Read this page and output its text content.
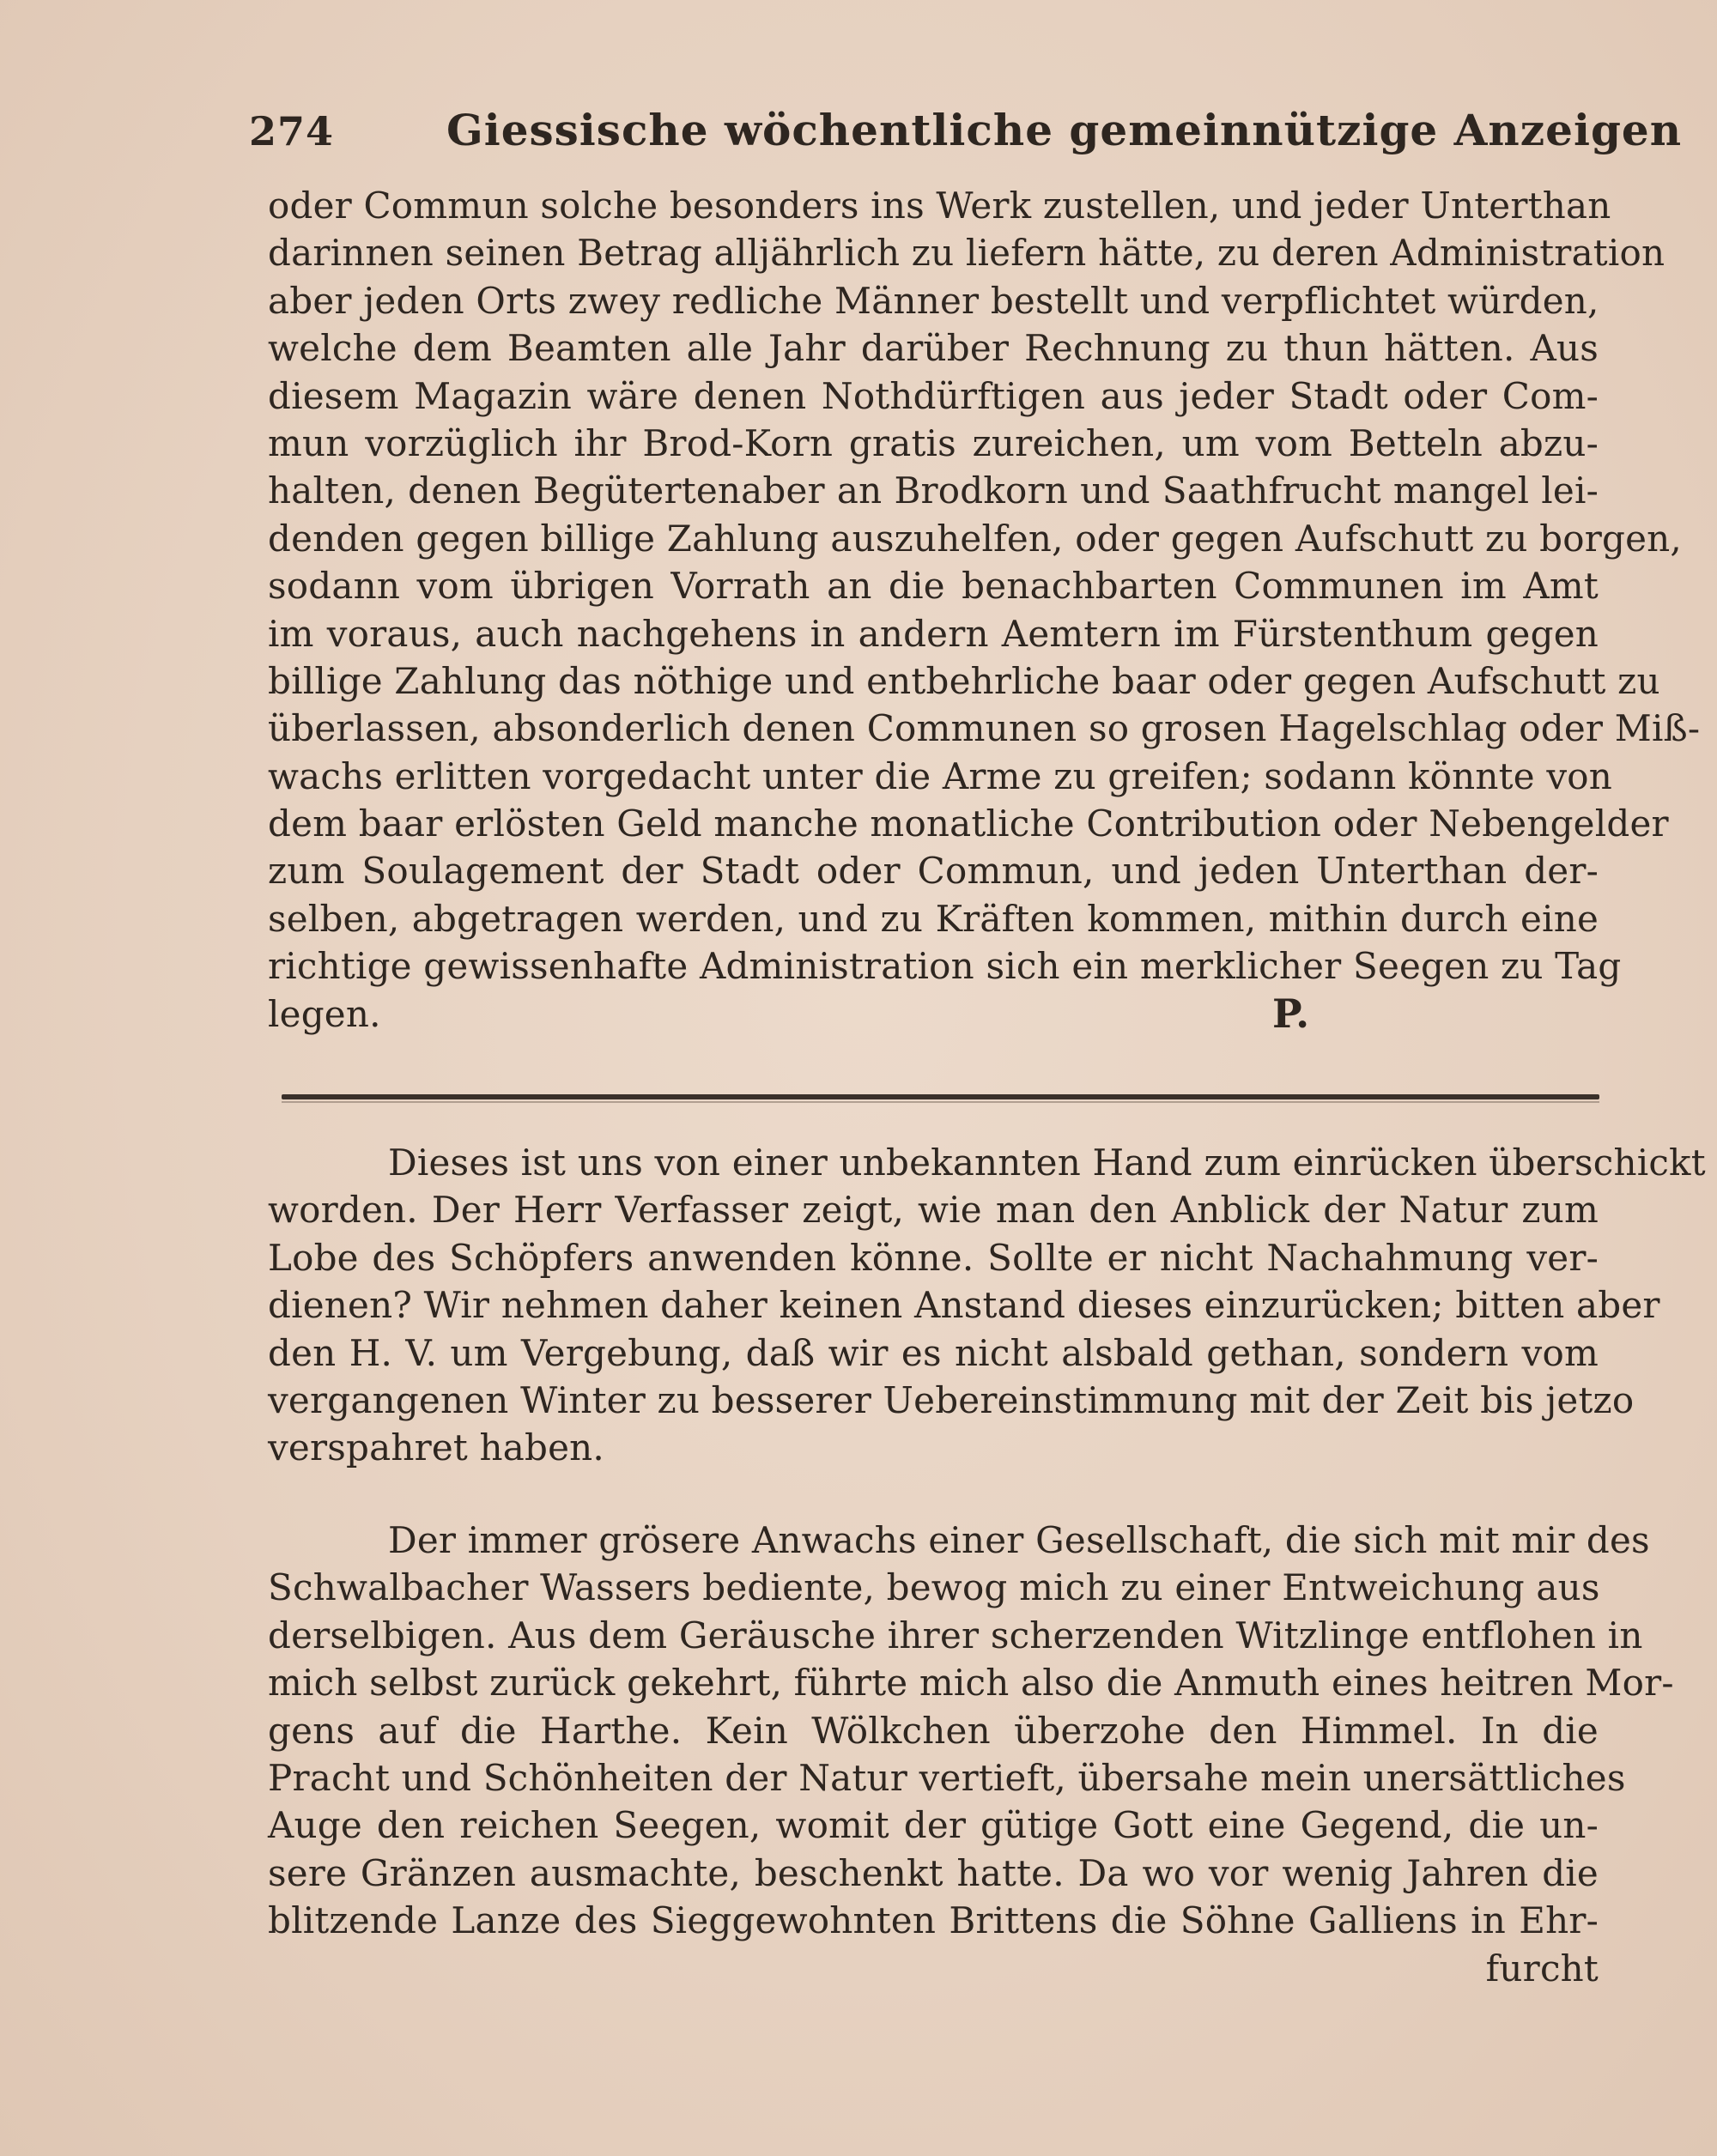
274	Giessische wöchentliche gemeinnützige Anzeigen
oder Commun solche besonders ins Werk zustellen, und jeder Unterthan
darinnen seinen Betrag alljährlich zu liefern hätte, zu deren Administration
aber jeden Orts zwey redliche Männer bestellt und verpflichtet würden,
welche dem Beamten alle Jahr darüber Rechnung zu thun hätten. Aus
diesem Magazin wäre denen Nothdürftigen aus jeder Stadt oder Com-
mun vorzüglich ihr Brod-Korn gratis zureichen, um vom Betteln abzu-
halten, denen Begütertenaber an Brodkorn und Saathfrucht mangel lei-
denden gegen billige Zahlung auszuhelfen, oder gegen Aufschutt zu borgen,
sodann vom übrigen Vorrath an die benachbarten Communen im Amt
im voraus, auch nachgehens in andern Aemtern im Fürstenthum gegen
billige Zahlung das nöthige und entbehrliche baar oder gegen Aufschutt zu
überlassen, absonderlich denen Communen so grosen Hagelschlag oder Miß-
wachs erlitten vorgedacht unter die Arme zu greifen; sodann könnte von
dem baar erlösten Geld manche monatliche Contribution oder Nebengelder
zum Soulagement der Stadt oder Commun, und jeden Unterthan der-
selben, abgetragen werden, und zu Kräften kommen, mithin durch eine
richtige gewissenhafte Administration sich ein merklicher Seegen zu Tag
legen.	P.
Dieses ist uns von einer unbekannten Hand zum einrücken überschickt
worden. Der Herr Verfasser zeigt, wie man den Anblick der Natur zum
Lobe des Schöpfers anwenden könne. Sollte er nicht Nachahmung ver-
dienen? Wir nehmen daher keinen Anstand dieses einzurücken; bitten aber
den H. V. um Vergebung, daß wir es nicht alsbald gethan, sondern vom
vergangenen Winter zu besserer Uebereinstimmung mit der Zeit bis jetzo
verspahret haben.
Der immer grösere Anwachs einer Gesellschaft, die sich mit mir des
Schwalbacher Wassers bediente, bewog mich zu einer Entweichung aus
derselbigen. Aus dem Geräusche ihrer scherzenden Witzlinge entflohen in
mich selbst zurück gekehrt, führte mich also die Anmuth eines heitren Mor-
gens auf die Harthe. Kein Wölkchen überzohe den Himmel. In die
Pracht und Schönheiten der Natur vertieft, übersahe mein unersättliches
Auge den reichen Seegen, womit der gütige Gott eine Gegend, die un-
sere Gränzen ausmachte, beschenkt hatte. Da wo vor wenig Jahren die
blitzende Lanze des Sieggewohnten Brittens die Söhne Galliens in Ehr-
furcht
